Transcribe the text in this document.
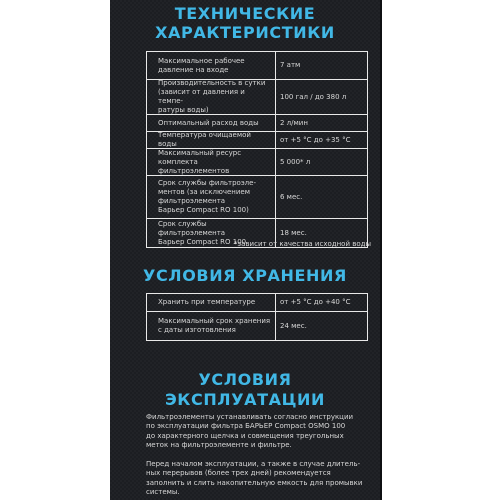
ТЕХНИЧЕСКИЕ
ХАРАКТЕРИСТИКИ
Максимальное рабочее
давление на входе
7 атм
Производительность в сутки
(зависит от давления и темпе-
ратуры воды)
100 гал / до 380 л
Оптимальный расход воды	2 л/мин
Температура очищаемой воды
от +5 °С до +35 °С
Максимальный ресурс
комплекта фильтроэлементов
5 000* л
Срок службы фильтроэле-
ментов (за исключением
фильтроэлемента
Барьер Compact RO 100)
6 мес.
Срок службы фильтроэлемента
Барьер Compact RO 100
18 мес.
*зависит от качества исходной воды
УСЛОВИЯ ХРАНЕНИЯ
Хранить при температуре	от +5 °С до +40 °С
Максимальный срок хранения
с даты изготовления
24 мес.
УСЛОВИЯ
ЭКСПЛУАТАЦИИ
Фильтроэлементы устанавливать согласно инструкции
по эксплуатации фильтра БАРЬЕР Compact OSMO 100
до характерного щелчка и совмещения треугольных
меток на фильтроэлементе и фильтре.
Перед началом эксплуатации, а также в случае длитель-
ных перерывов (более трех дней) рекомендуется
заполнить и слить накопительную емкость для промывки
системы.
